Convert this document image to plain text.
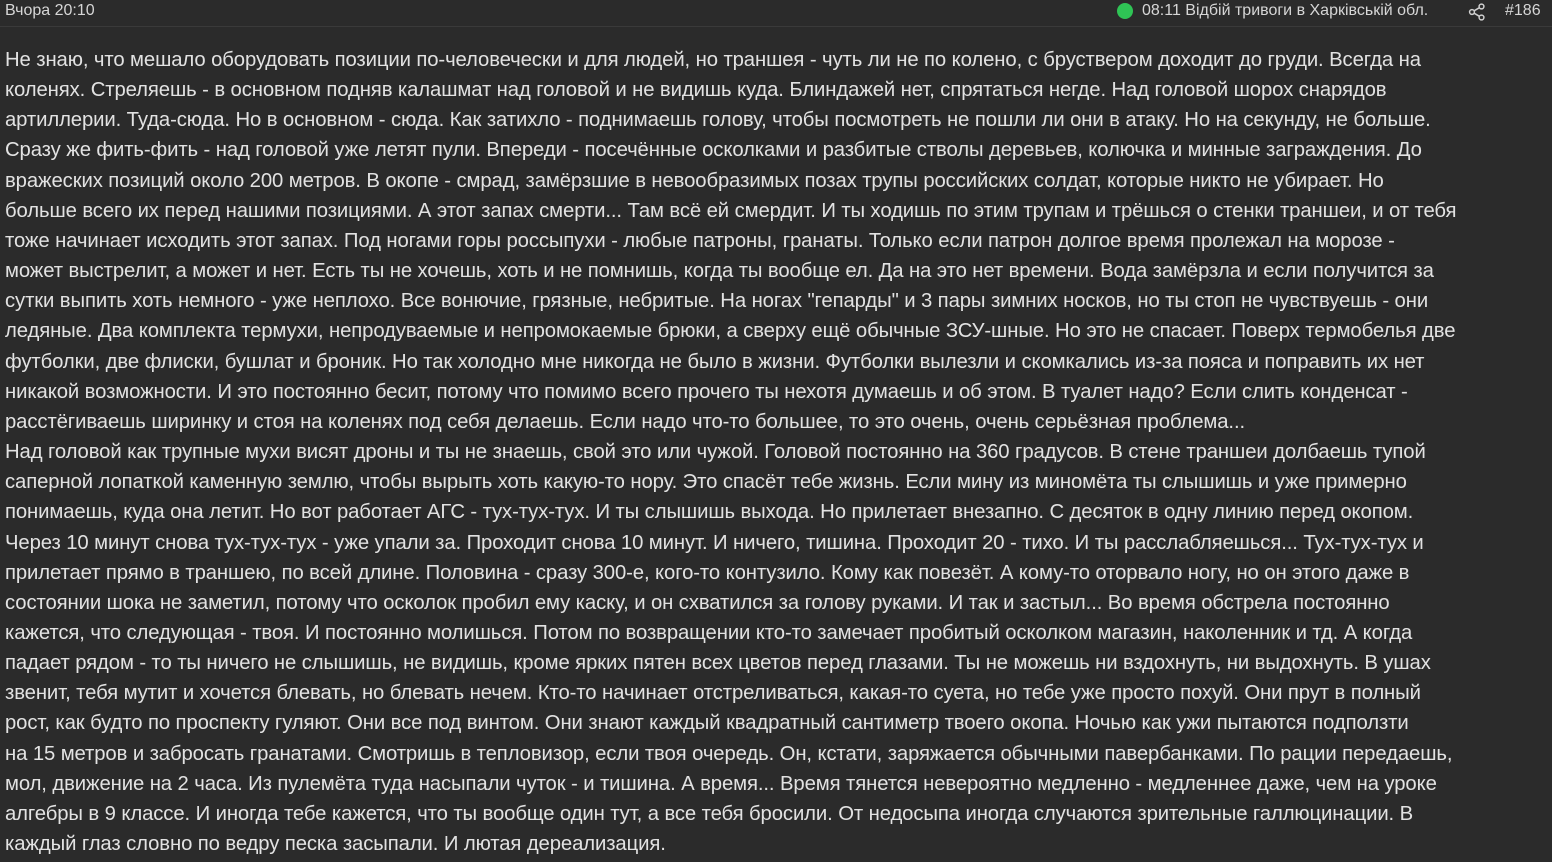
Вчора 20:10	08:11 Відбій тривоги в Харківській обл.	#186

Не знаю, что мешало оборудовать позиции по-человечески и для людей, но траншея - чуть ли не по колено, с бруствером доходит до груди. Всегда на
коленях. Стреляешь - в основном подняв калашмат над головой и не видишь куда. Блиндажей нет, спрятаться негде. Над головой шорох снарядов
артиллерии. Туда-сюда. Но в основном - сюда. Как затихло - поднимаешь голову, чтобы посмотреть не пошли ли они в атаку. Но на секунду, не больше.
Сразу же фить-фить - над головой уже летят пули. Впереди - посечённые осколками и разбитые стволы деревьев, колючка и минные заграждения. До
вражеских позиций около 200 метров. В окопе - смрад, замёрзшие в невообразимых позах трупы российских солдат, которые никто не убирает. Но
больше всего их перед нашими позициями. А этот запах смерти... Там всё ей смердит. И ты ходишь по этим трупам и трёшься о стенки траншеи, и от тебя
тоже начинает исходить этот запах. Под ногами горы россыпухи - любые патроны, гранаты. Только если патрон долгое время пролежал на морозе -
может выстрелит, а может и нет. Есть ты не хочешь, хоть и не помнишь, когда ты вообще ел. Да на это нет времени. Вода замёрзла и если получится за
сутки выпить хоть немного - уже неплохо. Все вонючие, грязные, небритые. На ногах "гепарды" и 3 пары зимних носков, но ты стоп не чувствуешь - они
ледяные. Два комплекта термухи, непродуваемые и непромокаемые брюки, а сверху ещё обычные ЗСУ-шные. Но это не спасает. Поверх термобелья две
футболки, две флиски, бушлат и броник. Но так холодно мне никогда не было в жизни. Футболки вылезли и скомкались из-за пояса и поправить их нет
никакой возможности. И это постоянно бесит, потому что помимо всего прочего ты нехотя думаешь и об этом. В туалет надо? Если слить конденсат -
расстёгиваешь ширинку и стоя на коленях под себя делаешь. Если надо что-то большее, то это очень, очень серьёзная проблема...

Над головой как трупные мухи висят дроны и ты не знаешь, свой это или чужой. Головой постоянно на 360 градусов. В стене траншеи долбаешь тупой
саперной лопаткой каменную землю, чтобы вырыть хоть какую-то нору. Это спасёт тебе жизнь. Если мину из миномёта ты слышишь и уже примерно
понимаешь, куда она летит. Но вот работает АГС - тух-тух-тух. И ты слышишь выхода. Но прилетает внезапно. С десяток в одну линию перед окопом.
Через 10 минут снова тух-тух-тух - уже упали за. Проходит снова 10 минут. И ничего, тишина. Проходит 20 - тихо. И ты расслабляешься... Тух-тух-тух и
прилетает прямо в траншею, по всей длине. Половина - сразу 300-е, кого-то контузило. Кому как повезёт. А кому-то оторвало ногу, но он этого даже в
состоянии шока не заметил, потому что осколок пробил ему каску, и он схватился за голову руками. И так и застыл... Во время обстрела постоянно
кажется, что следующая - твоя. И постоянно молишься. Потом по возвращении кто-то замечает пробитый осколком магазин, наколенник и тд. А когда
падает рядом - то ты ничего не слышишь, не видишь, кроме ярких пятен всех цветов перед глазами. Ты не можешь ни вздохнуть, ни выдохнуть. В ушах
звенит, тебя мутит и хочется блевать, но блевать нечем. Кто-то начинает отстреливаться, какая-то суета, но тебе уже просто похуй. Они прут в полный
рост, как будто по проспекту гуляют. Они все под винтом. Они знают каждый квадратный сантиметр твоего окопа. Ночью как ужи пытаются подползти
на 15 метров и забросать гранатами. Смотришь в тепловизор, если твоя очередь. Он, кстати, заряжается обычными павербанками. По рации передаешь,
мол, движение на 2 часа. Из пулемёта туда насыпали чуток - и тишина. А время... Время тянется невероятно медленно - медленнее даже, чем на уроке
алгебры в 9 классе. И иногда тебе кажется, что ты вообще один тут, а все тебя бросили. От недосыпа иногда случаются зрительные галлюцинации. В
каждый глаз словно по ведру песка засыпали. И лютая дереализация.
